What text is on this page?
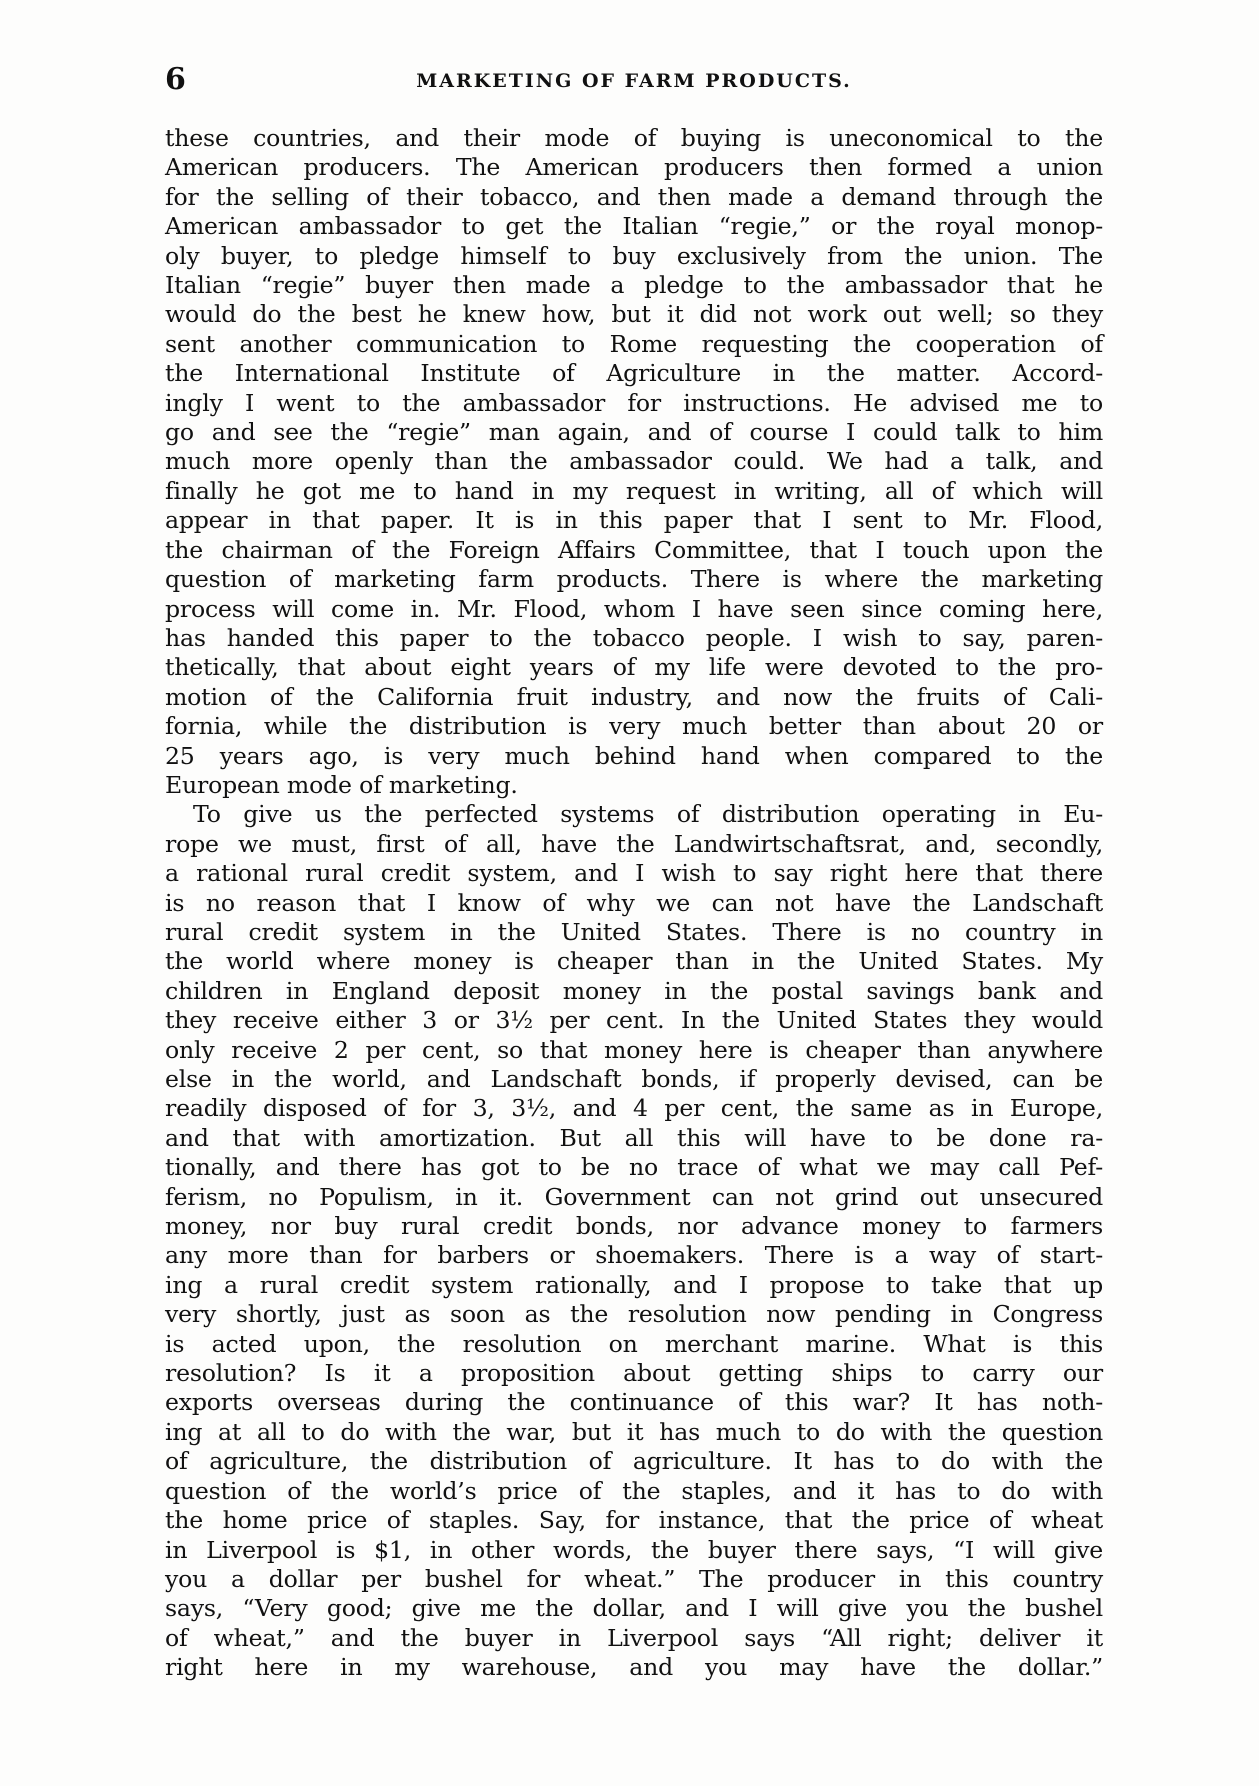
6	MARKETING OF FARM PRODUCTS.
these countries, and their mode of buying is uneconomical to the
American producers. The American producers then formed a union
for the selling of their tobacco, and then made a demand through the
American ambassador to get the Italian “regie,” or the royal monop-
oly buyer, to pledge himself to buy exclusively from the union. The
Italian “regie” buyer then made a pledge to the ambassador that he
would do the best he knew how, but it did not work out well; so they
sent another communication to Rome requesting the cooperation of
the International Institute of Agriculture in the matter. Accord-
ingly I went to the ambassador for instructions. He advised me to
go and see the “regie” man again, and of course I could talk to him
much more openly than the ambassador could. We had a talk, and
finally he got me to hand in my request in writing, all of which will
appear in that paper. It is in this paper that I sent to Mr. Flood,
the chairman of the Foreign Affairs Committee, that I touch upon the
question of marketing farm products. There is where the marketing
process will come in. Mr. Flood, whom I have seen since coming here,
has handed this paper to the tobacco people. I wish to say, paren-
thetically, that about eight years of my life were devoted to the pro-
motion of the California fruit industry, and now the fruits of Cali-
fornia, while the distribution is very much better than about 20 or
25 years ago, is very much behind hand when compared to the
European mode of marketing.
To give us the perfected systems of distribution operating in Eu-
rope we must, first of all, have the Landwirtschaftsrat, and, secondly,
a rational rural credit system, and I wish to say right here that there
is no reason that I know of why we can not have the Landschaft
rural credit system in the United States. There is no country in
the world where money is cheaper than in the United States. My
children in England deposit money in the postal savings bank and
they receive either 3 or 3½ per cent. In the United States they would
only receive 2 per cent, so that money here is cheaper than anywhere
else in the world, and Landschaft bonds, if properly devised, can be
readily disposed of for 3, 3½, and 4 per cent, the same as in Europe,
and that with amortization. But all this will have to be done ra-
tionally, and there has got to be no trace of what we may call Pef-
ferism, no Populism, in it. Government can not grind out unsecured
money, nor buy rural credit bonds, nor advance money to farmers
any more than for barbers or shoemakers. There is a way of start-
ing a rural credit system rationally, and I propose to take that up
very shortly, just as soon as the resolution now pending in Congress
is acted upon, the resolution on merchant marine. What is this
resolution? Is it a proposition about getting ships to carry our
exports overseas during the continuance of this war? It has noth-
ing at all to do with the war, but it has much to do with the question
of agriculture, the distribution of agriculture. It has to do with the
question of the world’s price of the staples, and it has to do with
the home price of staples. Say, for instance, that the price of wheat
in Liverpool is $1, in other words, the buyer there says, “I will give
you a dollar per bushel for wheat.” The producer in this country
says, “Very good; give me the dollar, and I will give you the bushel
of wheat,” and the buyer in Liverpool says “All right; deliver it
right here in my warehouse, and you may have the dollar.”
